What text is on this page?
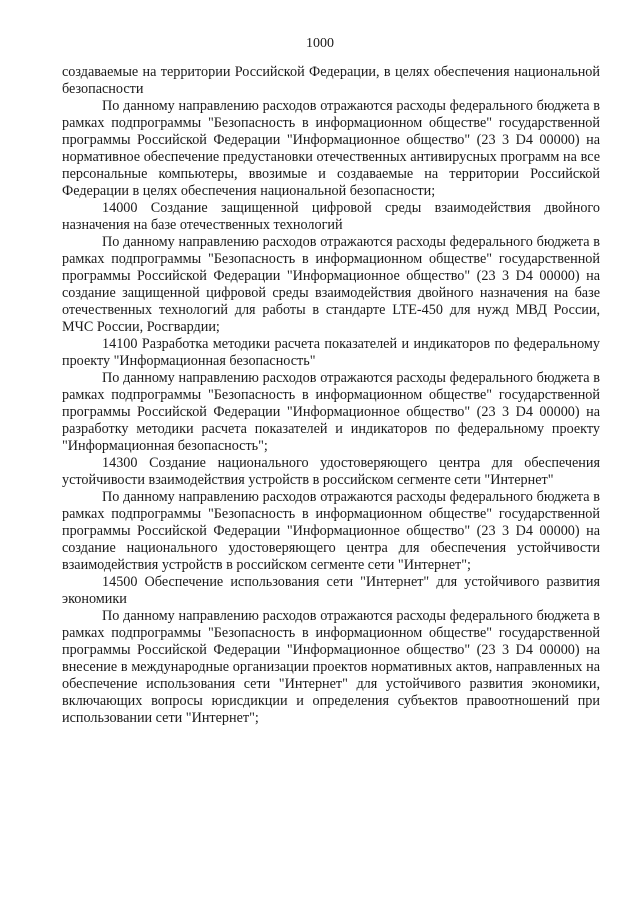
1000

создаваемые на территории Российской Федерации, в целях обеспечения национальной безопасности

По данному направлению расходов отражаются расходы федерального бюджета в рамках подпрограммы "Безопасность в информационном обществе" государственной программы Российской Федерации "Информационное общество" (23 3 D4 00000) на нормативное обеспечение предустановки отечественных антивирусных программ на все персональные компьютеры, ввозимые и создаваемые на территории Российской Федерации в целях обеспечения национальной безопасности;

14000 Создание защищенной цифровой среды взаимодействия двойного назначения на базе отечественных технологий

По данному направлению расходов отражаются расходы федерального бюджета в рамках подпрограммы "Безопасность в информационном обществе" государственной программы Российской Федерации "Информационное общество" (23 3 D4 00000) на создание защищенной цифровой среды взаимодействия двойного назначения на базе отечественных технологий для работы в стандарте LTE-450 для нужд МВД России, МЧС России, Росгвардии;

14100 Разработка методики расчета показателей и индикаторов по федеральному проекту "Информационная безопасность"

По данному направлению расходов отражаются расходы федерального бюджета в рамках подпрограммы "Безопасность в информационном обществе" государственной программы Российской Федерации "Информационное общество" (23 3 D4 00000) на разработку методики расчета показателей и индикаторов по федеральному проекту "Информационная безопасность";

14300 Создание национального удостоверяющего центра для обеспечения устойчивости взаимодействия устройств в российском сегменте сети "Интернет"

По данному направлению расходов отражаются расходы федерального бюджета в рамках подпрограммы "Безопасность в информационном обществе" государственной программы Российской Федерации "Информационное общество" (23 3 D4 00000) на создание национального удостоверяющего центра для обеспечения устойчивости взаимодействия устройств в российском сегменте сети "Интернет";

14500 Обеспечение использования сети "Интернет" для устойчивого развития экономики

По данному направлению расходов отражаются расходы федерального бюджета в рамках подпрограммы "Безопасность в информационном обществе" государственной программы Российской Федерации "Информационное общество" (23 3 D4 00000) на внесение в международные организации проектов нормативных актов, направленных на обеспечение использования сети "Интернет" для устойчивого развития экономики, включающих вопросы юрисдикции и определения субъектов правоотношений при использовании сети "Интернет";
